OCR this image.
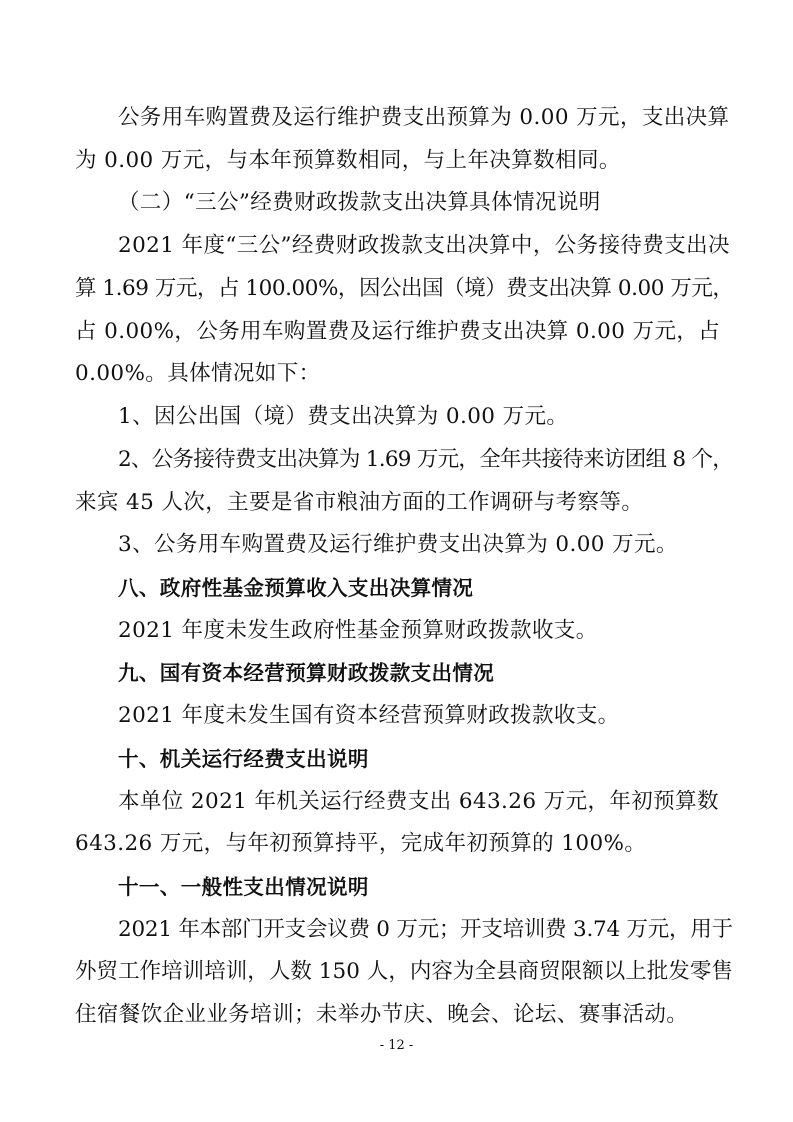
公务用车购置费及运行维护费支出预算为 0.00 万元，支出决算
为 0.00 万元，与本年预算数相同，与上年决算数相同。
（二）“三公”经费财政拨款支出决算具体情况说明
2021 年度“三公”经费财政拨款支出决算中，公务接待费支出决
算 1.69 万元，占 100.00%，因公出国（境）费支出决算 0.00 万元，
占 0.00%，公务用车购置费及运行维护费支出决算 0.00 万元，占
0.00%。具体情况如下：
1、因公出国（境）费支出决算为 0.00 万元。
2、公务接待费支出决算为 1.69 万元，全年共接待来访团组 8 个，
来宾 45 人次，主要是省市粮油方面的工作调研与考察等。
3、公务用车购置费及运行维护费支出决算为 0.00 万元。
八、政府性基金预算收入支出决算情况
2021 年度未发生政府性基金预算财政拨款收支。
九、国有资本经营预算财政拨款支出情况
2021 年度未发生国有资本经营预算财政拨款收支。
十、机关运行经费支出说明
本单位 2021 年机关运行经费支出 643.26 万元，年初预算数
643.26 万元，与年初预算持平，完成年初预算的 100%。
十一、一般性支出情况说明
2021 年本部门开支会议费 0 万元；开支培训费 3.74 万元，用于
外贸工作培训培训，人数 150 人，内容为全县商贸限额以上批发零售
住宿餐饮企业业务培训；未举办节庆、晚会、论坛、赛事活动。
- 12 -
